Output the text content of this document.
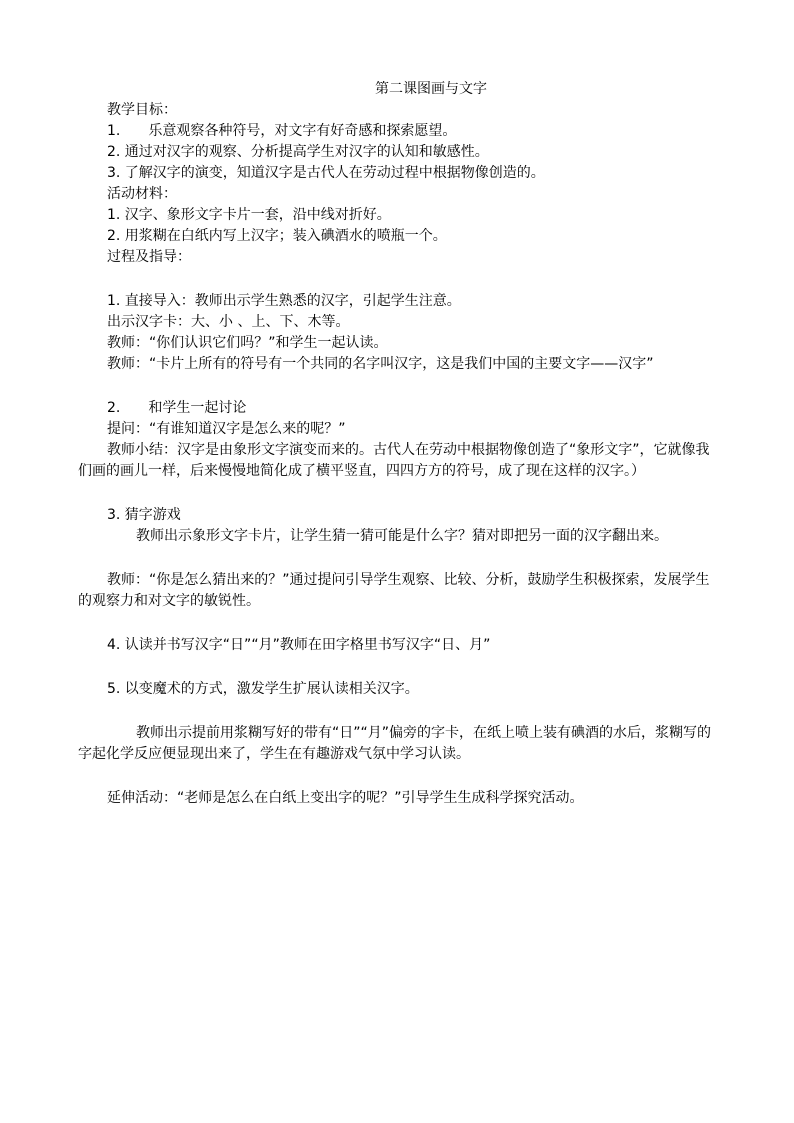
第二课图画与文字

教学目标：

1.　　乐意观察各种符号，对文字有好奇感和探索愿望。

2. 通过对汉字的观察、分析提高学生对汉字的认知和敏感性。

3. 了解汉字的演变，知道汉字是古代人在劳动过程中根据物像创造的。

活动材料：

1. 汉字、象形文字卡片一套，沿中线对折好。

2. 用浆糊在白纸内写上汉字；装入碘酒水的喷瓶一个。

过程及指导：

1. 直接导入：教师出示学生熟悉的汉字，引起学生注意。

出示汉字卡：大、小 、上、下、木等。

教师：“你们认识它们吗？”和学生一起认读。

教师：“卡片上所有的符号有一个共同的名字叫汉字，这是我们中国的主要文字——汉字”

2.　　和学生一起讨论

提问：“有谁知道汉字是怎么来的呢？”

教师小结：汉字是由象形文字演变而来的。古代人在劳动中根据物像创造了“象形文字”，它就像我们画的画儿一样，后来慢慢地简化成了横平竖直，四四方方的符号，成了现在这样的汉字。）

3. 猜字游戏

教师出示象形文字卡片，让学生猜一猜可能是什么字？猜对即把另一面的汉字翻出来。

教师：“你是怎么猜出来的？”通过提问引导学生观察、比较、分析，鼓励学生积极探索，发展学生的观察力和对文字的敏锐性。

4. 认读并书写汉字“日”“月”教师在田字格里书写汉字“日、月”

5. 以变魔术的方式，激发学生扩展认读相关汉字。

教师出示提前用浆糊写好的带有“日”“月”偏旁的字卡，在纸上喷上装有碘酒的水后，浆糊写的字起化学反应便显现出来了，学生在有趣游戏气氛中学习认读。

延伸活动：“老师是怎么在白纸上变出字的呢？”引导学生生成科学探究活动。
